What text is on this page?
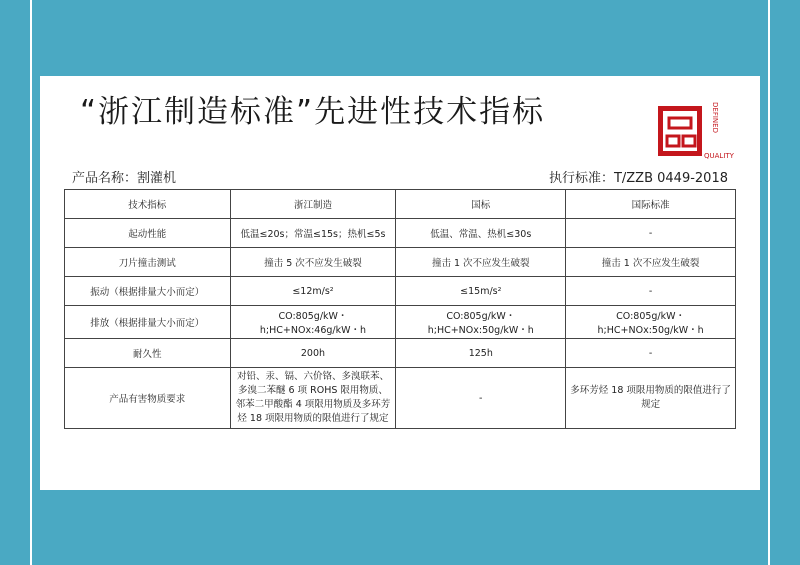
“浙江制造标准”先进性技术指标	DEFINED
QUALITY
产品名称：割灌机	执行标准：T/ZZB 0449-2018
技术指标	浙江制造	国标	国际标准
起动性能	低温≤20s；常温≤15s；热机≤5s	低温、常温、热机≤30s	-
刀片撞击测试	撞击 5 次不应发生破裂	撞击 1 次不应发生破裂	撞击 1 次不应发生破裂
振动（根据排量大小而定）	≤12m/s²	≤15m/s²	-
排放（根据排量大小而定）	CO:805g/kW・h;HC+NOx:46g/kW・h	CO:805g/kW・h;HC+NOx:50g/kW・h	CO:805g/kW・h;HC+NOx:50g/kW・h
耐久性	200h	125h	-
产品有害物质要求	对铅、汞、镉、六价铬、多溴联苯、多溴二苯醚 6 项 ROHS 限用物质、邻苯二甲酸酯 4 项限用物质及多环芳烃 18 项限用物质的限值进行了规定	-	多环芳烃 18 项限用物质的限值进行了规定
